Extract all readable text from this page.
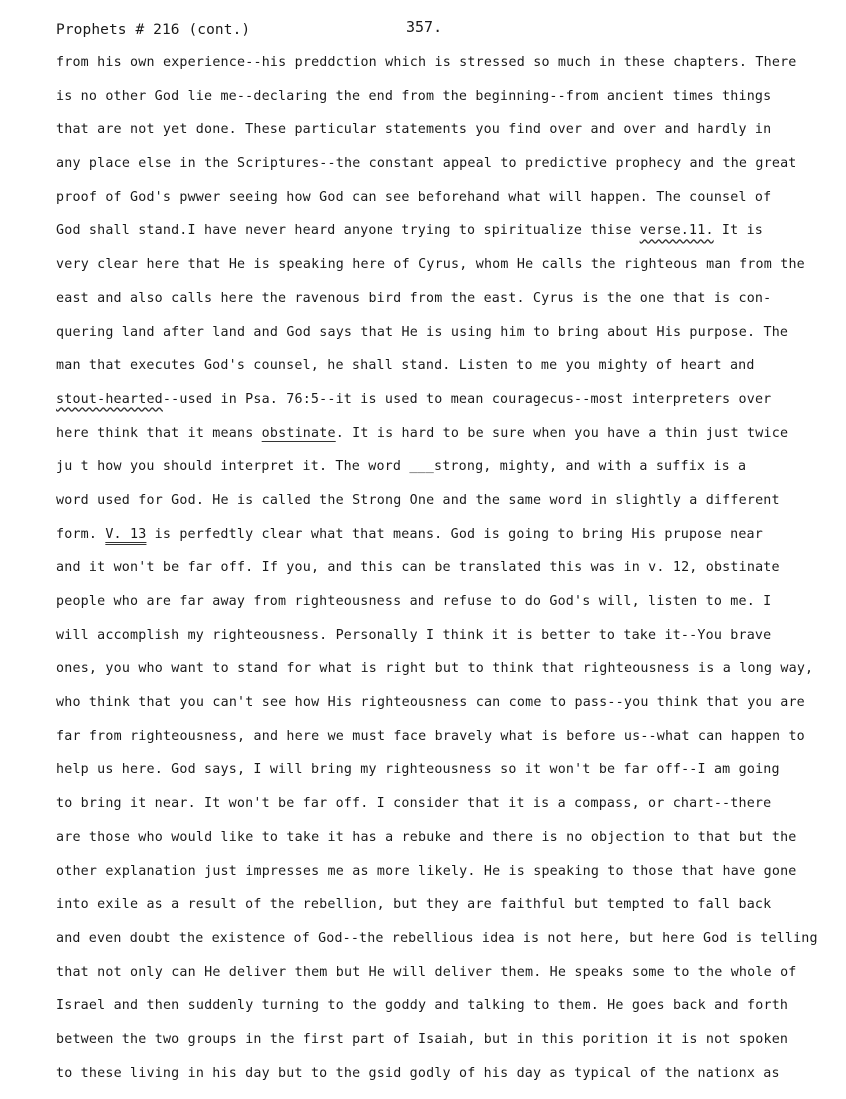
Prophets # 216 (cont.)	357.
from his own experience--his preddction which is stressed so much in these chapters. There
is no other God lie me--declaring the end from the beginning--from ancient times things
that are not yet done. These particular statements you find over and over and hardly in
any place else in the Scriptures--the constant appeal to predictive prophecy and the great
proof of God's pwwer seeing how God can see beforehand what will happen. The counsel of
God shall stand.I have never heard anyone trying to spiritualize thise verse.11. It is
very clear here that He is speaking here of Cyrus, whom He calls the righteous man from the
east and also calls here the ravenous bird from the east. Cyrus is the one that is con-
quering land after land and God says that He is using him to bring about His purpose. The
man that executes God's counsel, he shall stand. Listen to me you mighty of heart and
stout-hearted--used in Psa. 76:5--it is used to mean couragecus--most interpreters over
here think that it means obstinate. It is hard to be sure when you have a thin just twice
ju t how you should interpret it. The word ___strong, mighty, and with a suffix is a
word used for God. He is called the Strong One and the same word in slightly a different
form. V. 13 is perfedtly clear what that means. God is going to bring His prupose near
and it won't be far off. If you, and this can be translated this was in v. 12, obstinate
people who are far away from righteousness and refuse to do God's will, listen to me. I
will accomplish my righteousness. Personally I think it is better to take it--You brave
ones, you who want to stand for what is right but to think that righteousness is a long way,
who think that you can't see how His righteousness can come to pass--you think that you are
far from righteousness, and here we must face bravely what is before us--what can happen to
help us here. God says, I will bring my righteousness so it won't be far off--I am going
to bring it near. It won't be far off. I consider that it is a compass, or chart--there
are those who would like to take it has a rebuke and there is no objection to that but the
other explanation just impresses me as more likely. He is speaking to those that have gone
into exile as a result of the rebellion, but they are faithful but tempted to fall back
and even doubt the existence of God--the rebellious idea is not here, but here God is telling
that not only can He deliver them but He will deliver them. He speaks some to the whole of
Israel and then suddenly turning to the goddy and talking to them. He goes back and forth
between the two groups in the first part of Isaiah, but in this porition it is not spoken
to these living in his day but to the gsid godly of his day as typical of the nationx as
